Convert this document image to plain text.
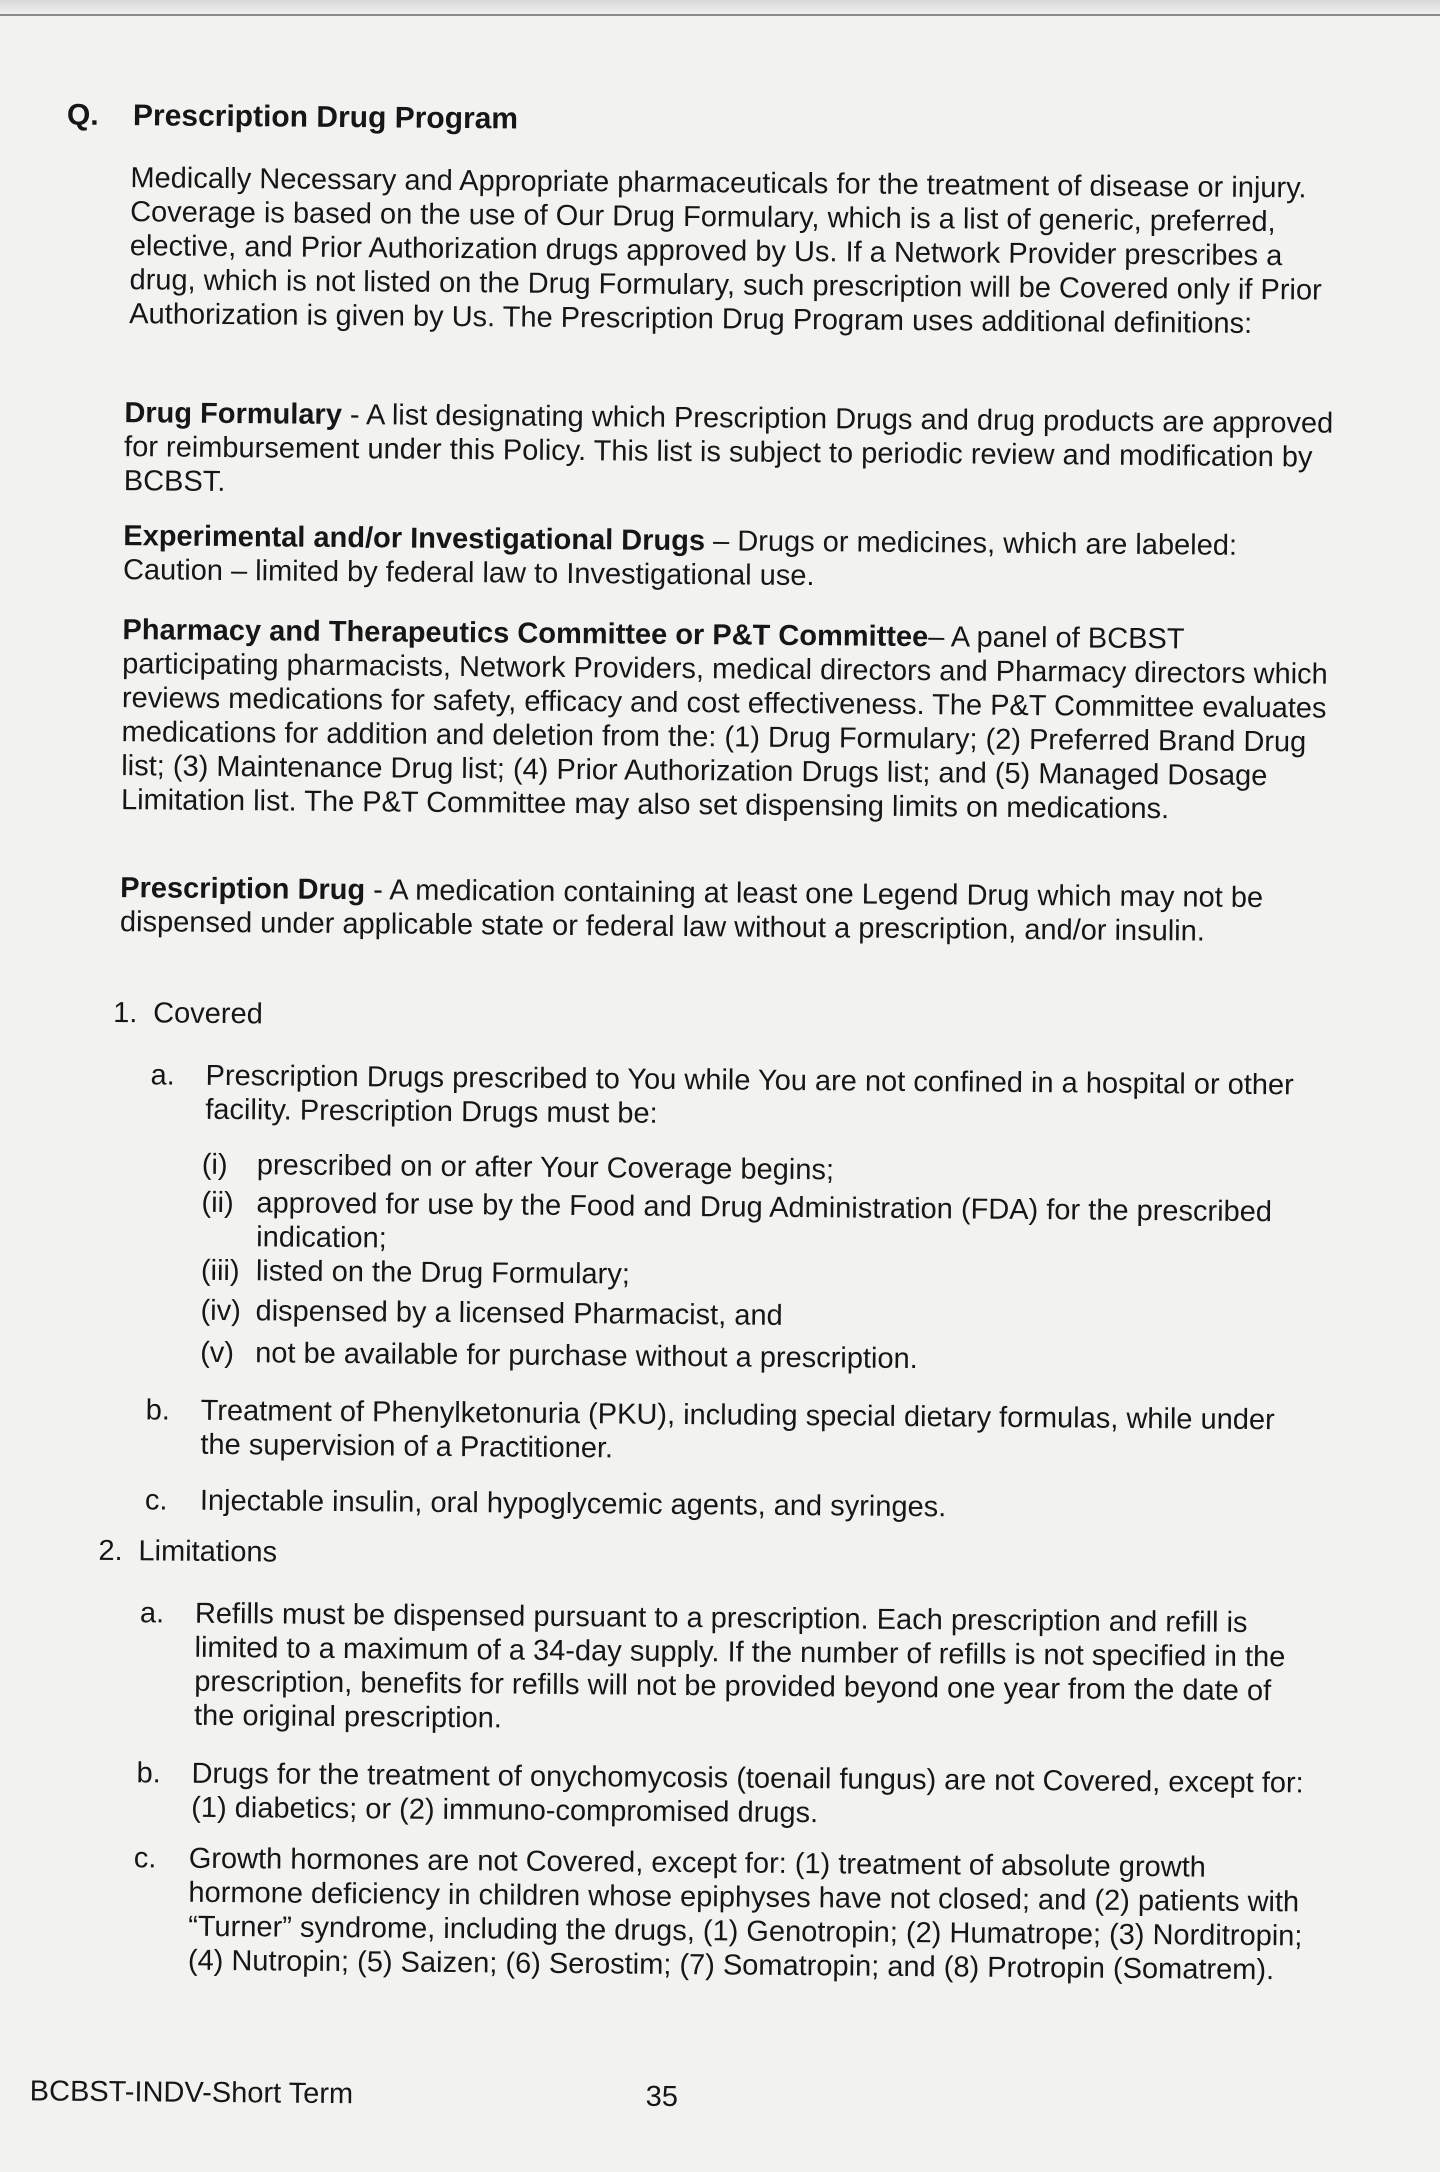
Q. Prescription Drug Program
Medically Necessary and Appropriate pharmaceuticals for the treatment of disease or injury. Coverage is based on the use of Our Drug Formulary, which is a list of generic, preferred, elective, and Prior Authorization drugs approved by Us. If a Network Provider prescribes a drug, which is not listed on the Drug Formulary, such prescription will be Covered only if Prior Authorization is given by Us. The Prescription Drug Program uses additional definitions:
Drug Formulary - A list designating which Prescription Drugs and drug products are approved for reimbursement under this Policy. This list is subject to periodic review and modification by BCBST.
Experimental and/or Investigational Drugs – Drugs or medicines, which are labeled: Caution – limited by federal law to Investigational use.
Pharmacy and Therapeutics Committee or P&T Committee– A panel of BCBST participating pharmacists, Network Providers, medical directors and Pharmacy directors which reviews medications for safety, efficacy and cost effectiveness. The P&T Committee evaluates medications for addition and deletion from the: (1) Drug Formulary; (2) Preferred Brand Drug list; (3) Maintenance Drug list; (4) Prior Authorization Drugs list; and (5) Managed Dosage Limitation list. The P&T Committee may also set dispensing limits on medications.
Prescription Drug - A medication containing at least one Legend Drug which may not be dispensed under applicable state or federal law without a prescription, and/or insulin.
1. Covered
a. Prescription Drugs prescribed to You while You are not confined in a hospital or other facility. Prescription Drugs must be:
(i) prescribed on or after Your Coverage begins;
(ii) approved for use by the Food and Drug Administration (FDA) for the prescribed indication;
(iii) listed on the Drug Formulary;
(iv) dispensed by a licensed Pharmacist, and
(v) not be available for purchase without a prescription.
b. Treatment of Phenylketonuria (PKU), including special dietary formulas, while under the supervision of a Practitioner.
c. Injectable insulin, oral hypoglycemic agents, and syringes.
2. Limitations
a. Refills must be dispensed pursuant to a prescription. Each prescription and refill is limited to a maximum of a 34-day supply. If the number of refills is not specified in the prescription, benefits for refills will not be provided beyond one year from the date of the original prescription.
b. Drugs for the treatment of onychomycosis (toenail fungus) are not Covered, except for: (1) diabetics; or (2) immuno-compromised drugs.
c. Growth hormones are not Covered, except for: (1) treatment of absolute growth hormone deficiency in children whose epiphyses have not closed; and (2) patients with “Turner” syndrome, including the drugs, (1) Genotropin; (2) Humatrope; (3) Norditropin; (4) Nutropin; (5) Saizen; (6) Serostim; (7) Somatropin; and (8) Protropin (Somatrem).
BCBST-INDV-Short Term	35
